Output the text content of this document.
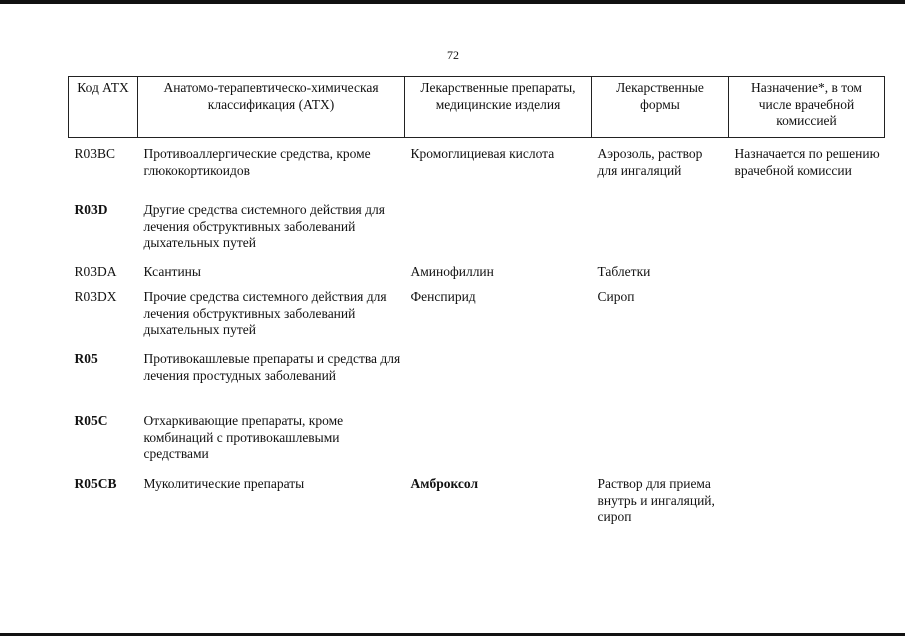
72
Код АТХ	Анатомо-терапевтическо-химическая классификация (АТХ)	Лекарственные препараты, медицинские изделия	Лекарственные формы	Назначение*, в том числе врачебной комиссией
R03BC	Противоаллергические средства, кроме глюкокортикоидов	Кромоглициевая кислота	Аэрозоль, раствор для ингаляций	Назначается по решению врачебной комиссии
R03D	Другие средства системного действия для лечения обструктивных заболеваний дыхательных путей			
R03DA	Ксантины	Аминофиллин	Таблетки	
R03DX	Прочие средства системного действия для лечения обструктивных заболеваний дыхательных путей	Фенспирид	Сироп	
R05	Противокашлевые препараты и средства для лечения простудных заболеваний			
R05C	Отхаркивающие препараты, кроме комбинаций с противокашлевыми средствами			
R05CB	Муколитические препараты	Амброксол	Раствор для приема внутрь и ингаляций, сироп	
